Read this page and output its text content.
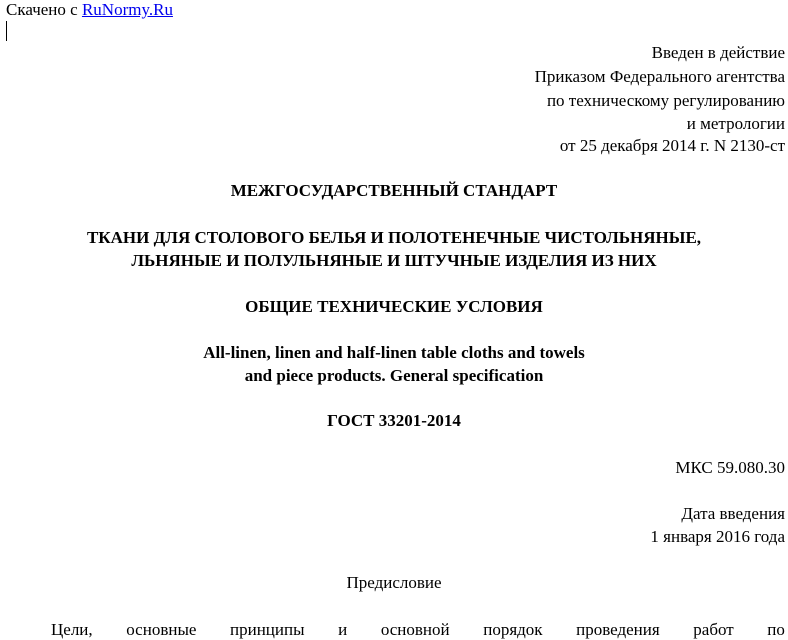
Скачено с RuNormy.Ru
Введен в действие
Приказом Федерального агентства
по техническому регулированию
и метрологии
от 25 декабря 2014 г. N 2130-ст
МЕЖГОСУДАРСТВЕННЫЙ СТАНДАРТ
ТКАНИ ДЛЯ СТОЛОВОГО БЕЛЬЯ И ПОЛОТЕНЕЧНЫЕ ЧИСТОЛЬНЯНЫЕ,
ЛЬНЯНЫЕ И ПОЛУЛЬНЯНЫЕ И ШТУЧНЫЕ ИЗДЕЛИЯ ИЗ НИХ
ОБЩИЕ ТЕХНИЧЕСКИЕ УСЛОВИЯ
All-linen, linen and half-linen table cloths and towels
and piece products. General specification
ГОСТ 33201-2014
МКС 59.080.30
Дата введения
1 января 2016 года
Предисловие
Цели, основные принципы и основной порядок проведения работ по
